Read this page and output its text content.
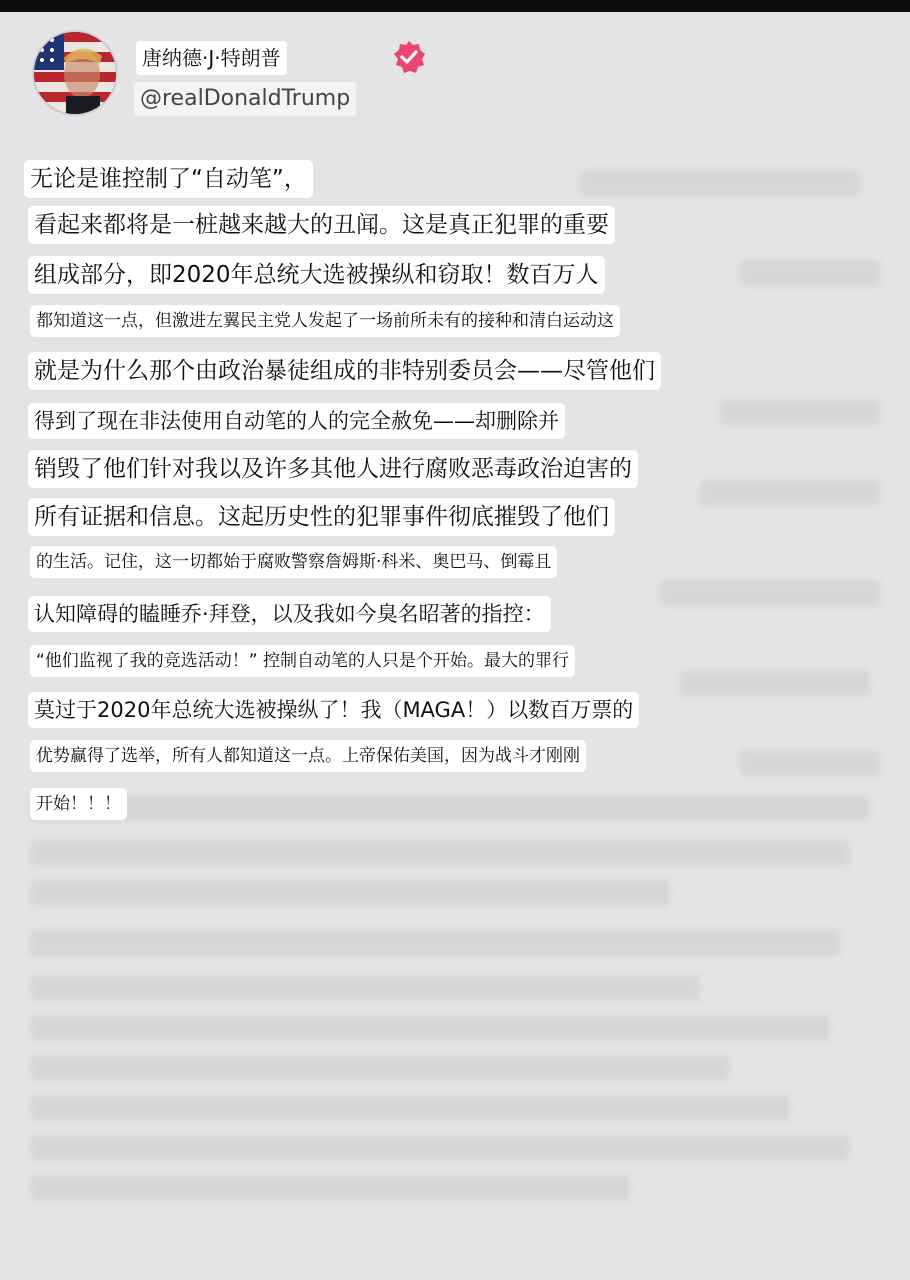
唐纳德·J·特朗普
@realDonaldTrump
无论是谁控制了“自动笔”，
看起来都将是一桩越来越大的丑闻。这是真正犯罪的重要
组成部分，即2020年总统大选被操纵和窃取！数百万人
都知道这一点，但激进左翼民主党人发起了一场前所未有的接种和清白运动这
就是为什么那个由政治暴徒组成的非特别委员会——尽管他们
得到了现在非法使用自动笔的人的完全赦免——却删除并
销毁了他们针对我以及许多其他人进行腐败恶毒政治迫害的
所有证据和信息。这起历史性的犯罪事件彻底摧毁了他们
的生活。记住，这一切都始于腐败警察詹姆斯·科米、奥巴马、倒霉且
认知障碍的瞌睡乔·拜登，以及我如今臭名昭著的指控：
“他们监视了我的竞选活动！” 控制自动笔的人只是个开始。最大的罪行
莫过于2020年总统大选被操纵了！我（MAGA！）以数百万票的
优势赢得了选举，所有人都知道这一点。上帝保佑美国，因为战斗才刚刚
开始！！！
